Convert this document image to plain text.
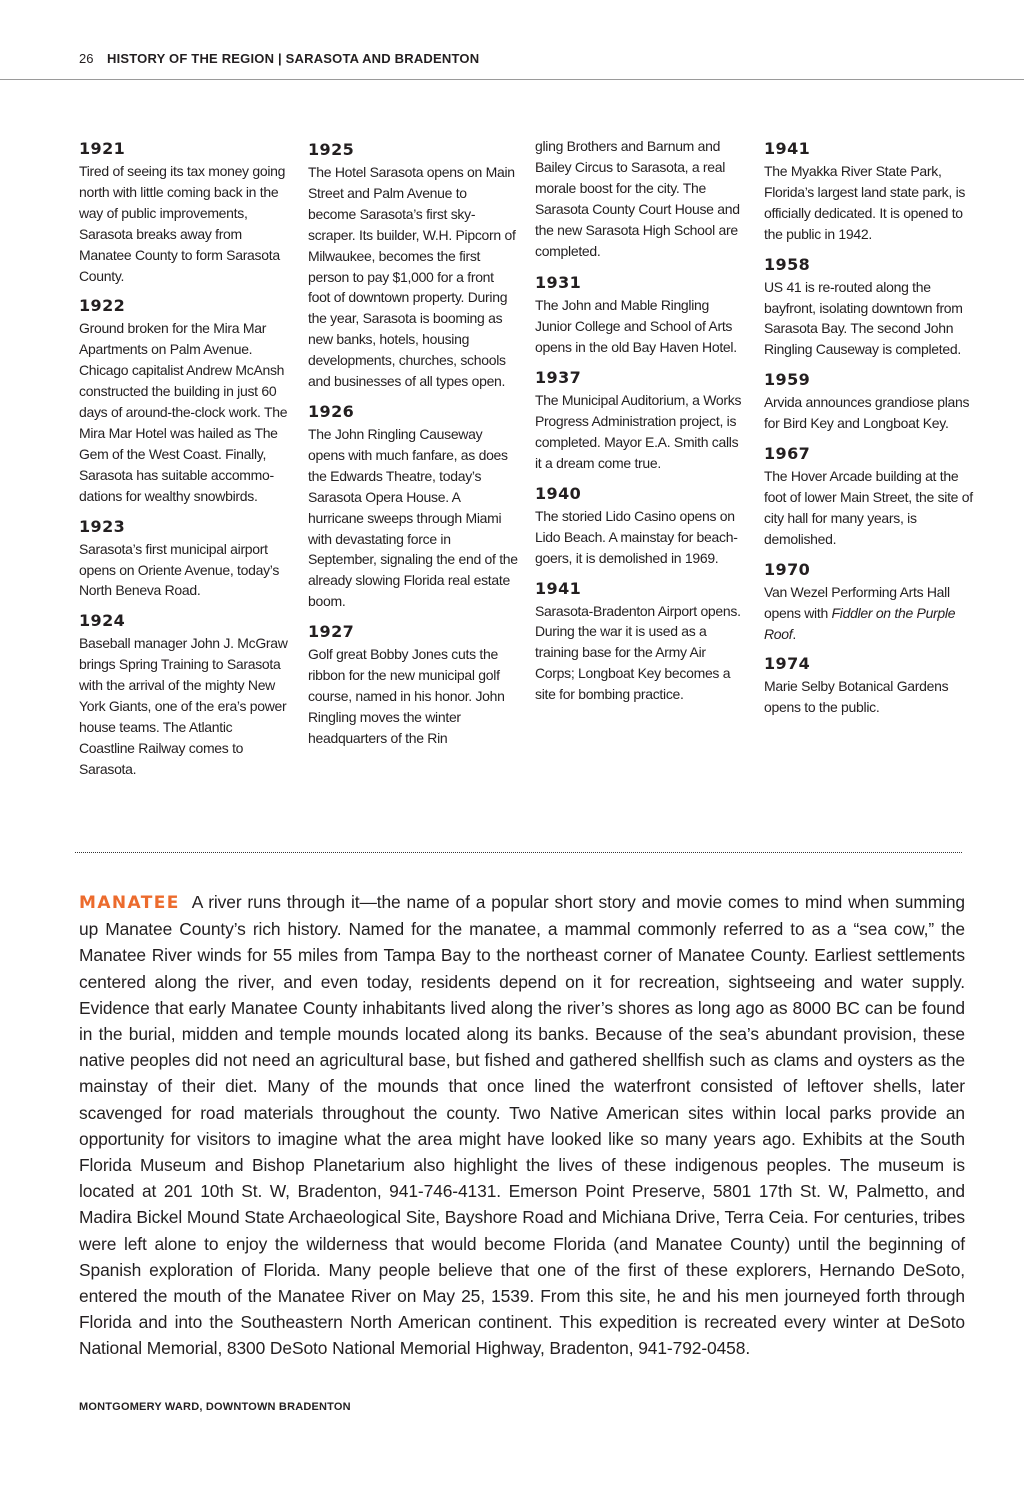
26 HISTORY OF THE REGION | SARASOTA AND BRADENTON
1921

Tired of seeing its tax money going north with little coming back in the way of public improvements, Sarasota breaks away from Manatee County to form Sarasota County.

1922

Ground broken for the Mira Mar Apartments on Palm Avenue. Chicago capitalist Andrew McAnsh constructed the building in just 60 days of around-the-clock work. The Mira Mar Hotel was hailed as The Gem of the West Coast. Finally, Sarasota has suitable accommodations for wealthy snowbirds.

1923

Sarasota’s first municipal airport opens on Oriente Avenue, today’s North Beneva Road.

1924

Baseball manager John J. McGraw brings Spring Training to Sarasota with the arrival of the mighty New York Giants, one of the era’s power house teams. The Atlantic Coastline Railway comes to Sarasota.

1925

The Hotel Sarasota opens on Main Street and Palm Avenue to become Sarasota’s first skyscraper. Its builder, W.H. Pipcorn of Milwaukee, becomes the first person to pay $1,000 for a front foot of downtown property. During the year, Sarasota is booming as new banks, hotels, housing developments, churches, schools and businesses of all types open.

1926

The John Ringling Causeway opens with much fanfare, as does the Edwards Theatre, today’s Sarasota Opera House. A hurricane sweeps through Miami with devastating force in September, signaling the end of the already slowing Florida real estate boom.

1927

Golf great Bobby Jones cuts the ribbon for the new municipal golf course, named in his honor. John Ringling moves the winter headquarters of the Rin

gling Brothers and Barnum and Bailey Circus to Sarasota, a real morale boost for the city. The Sarasota County Court House and the new Sarasota High School are completed.

1931

The John and Mable Ringling Junior College and School of Arts opens in the old Bay Haven Hotel.

1937

The Municipal Auditorium, a Works Progress Administration project, is completed. Mayor E.A. Smith calls it a dream come true.

1940

The storied Lido Casino opens on Lido Beach. A mainstay for beachgoers, it is demolished in 1969.

1941

Sarasota-Bradenton Airport opens. During the war it is used as a training base for the Army Air Corps; Longboat Key becomes a site for bombing practice.

1941

The Myakka River State Park, Florida’s largest land state park, is officially dedicated. It is opened to the public in 1942.

1958

US 41 is re-routed along the bayfront, isolating downtown from Sarasota Bay. The second John Ringling Causeway is completed.

1959

Arvida announces grandiose plans for Bird Key and Longboat Key.

1967

The Hover Arcade building at the foot of lower Main Street, the site of city hall for many years, is demolished.

1970

Van Wezel Performing Arts Hall opens with Fiddler on the Purple Roof.

1974

Marie Selby Botanical Gardens opens to the public.

MANATEE A river runs through it—the name of a popular short story and movie comes to mind when summing up Manatee County’s rich history. Named for the manatee, a mammal commonly referred to as a “sea cow,” the Manatee River winds for 55 miles from Tampa Bay to the northeast corner of Manatee County. Earliest settlements centered along the river, and even today, residents depend on it for recreation, sightseeing and water supply. Evidence that early Manatee County inhabitants lived along the river’s shores as long ago as 8000 BC can be found in the burial, midden and temple mounds located along its banks. Because of the sea’s abundant provision, these native peoples did not need an agricultural base, but fished and gathered shellfish such as clams and oysters as the mainstay of their diet. Many of the mounds that once lined the waterfront consisted of leftover shells, later scavenged for road materials throughout the county. Two Native American sites within local parks provide an opportunity for visitors to imagine what the area might have looked like so many years ago. Exhibits at the South Florida Museum and Bishop Planetarium also highlight the lives of these indigenous peoples. The museum is located at 201 10th St. W, Bradenton, 941-746-4131. Emerson Point Preserve, 5801 17th St. W, Palmetto, and Madira Bickel Mound State Archaeological Site, Bayshore Road and Michiana Drive, Terra Ceia. For centuries, tribes were left alone to enjoy the wilderness that would become Florida (and Manatee County) until the beginning of Spanish exploration of Florida. Many people believe that one of the first of these explorers, Hernando DeSoto, entered the mouth of the Manatee River on May 25, 1539. From this site, he and his men journeyed forth through Florida and into the Southeastern North American continent. This expedition is recreated every winter at DeSoto National Memorial, 8300 DeSoto National Memorial Highway, Bradenton, 941-792-0458.
MONTGOMERY WARD, DOWNTOWN BRADENTON
